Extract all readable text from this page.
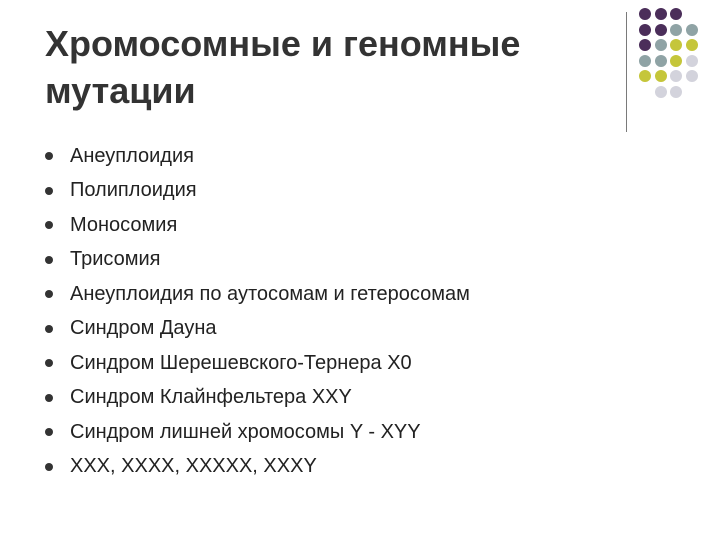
Хромосомные и геномные
мутации
Анеуплоидия
Полиплоидия
Моносомия
Трисомия
Анеуплоидия по аутосомам и гетеросомам
Синдром Дауна
Синдром Шерешевского-Тернера X0
Синдром Клайнфельтера XXY
Синдром лишней хромосомы Y - XYY
XXX, XXXX, XXXXX, XXXY
